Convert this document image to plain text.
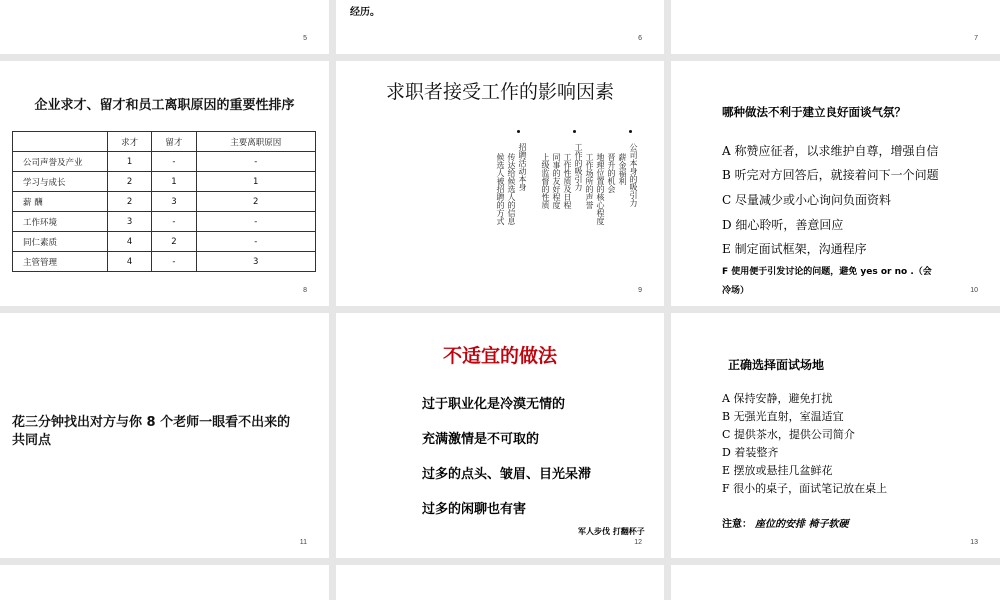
5
经历。
6	7
企业求才、留才和员工离职原因的重要性排序
	求才	留才	主要离职原因
公司声誉及产业	1	-	-
学习与成长	2	1	1
薪 酬	2	3	2
工作环境	3	-	-
同仁素质	4	2	-
主管管理	4	-	3
8
求职者接受工作的影响因素
公司本身的吸引力
薪金福利
晋升的机会
地理位置的核心程度
工作场所的声誉
工作的吸引力
工作性质及日程
同事的友好程度
上级监督的性质
招聘活动本身
传达给候选人的信息
候选人被招聘的方式
9	10
哪种做法不利于建立良好面谈气氛？
A 称赞应征者，以求维护自尊，增强自信
B 听完对方回答后，就接着问下一个问题
C 尽量减少或小心询问负面资料
D 细心聆听，善意回应
E 制定面试框架，沟通程序
F 使用便于引发讨论的问题，避免 yes or no .（会
冷场）
花三分钟找出对方与你 8 个老师一眼看不出来的
共同点
11
不适宜的做法
12
过于职业化是冷漠无情的
充满激情是不可取的
过多的点头、皱眉、目光呆滞
过多的闲聊也有害
军人步伐 打翻杯子
13
正确选择面试场地
A 保持安静，避免打扰
B 无强光直射，室温适宜
C 提供茶水，提供公司简介
D 着装整齐
E 摆放或悬挂几盆鲜花
F 很小的桌子，面试笔记放在桌上
注意： 座位的安排 椅子软硬
